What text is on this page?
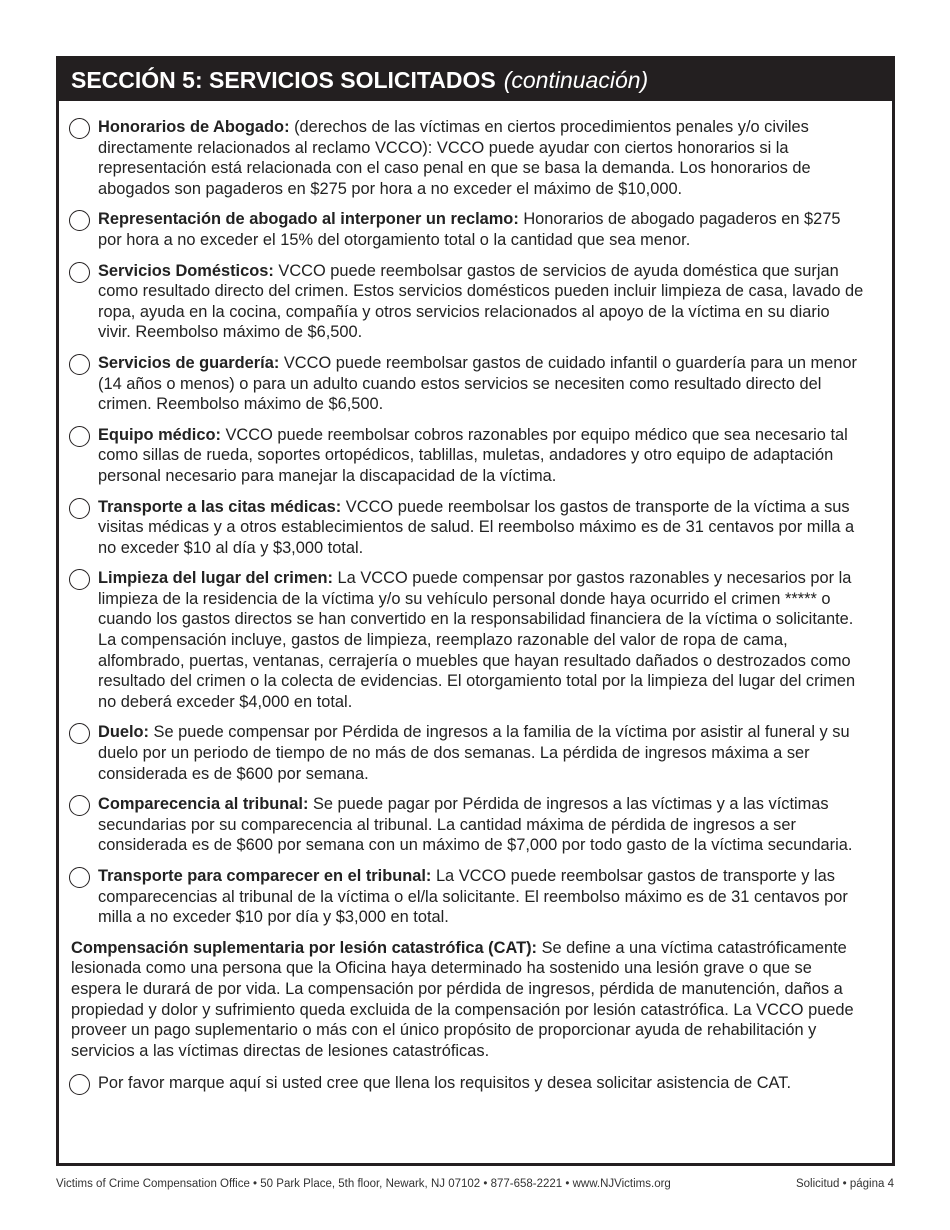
SECCIÓN 5: SERVICIOS SOLICITADOS (continuación)
Honorarios de Abogado: (derechos de las víctimas en ciertos procedimientos penales y/o civiles directamente relacionados al reclamo VCCO): VCCO puede ayudar con ciertos honorarios si la representación está relacionada con el caso penal en que se basa la demanda. Los honorarios de abogados son pagaderos en $275 por hora a no exceder el máximo de $10,000.
Representación de abogado al interponer un reclamo: Honorarios de abogado pagaderos en $275 por hora a no exceder el 15% del otorgamiento total o la cantidad que sea menor.
Servicios Domésticos: VCCO puede reembolsar gastos de servicios de ayuda doméstica que surjan como resultado directo del crimen. Estos servicios domésticos pueden incluir limpieza de casa, lavado de ropa, ayuda en la cocina, compañía y otros servicios relacionados al apoyo de la víctima en su diario vivir. Reembolso máximo de $6,500.
Servicios de guardería: VCCO puede reembolsar gastos de cuidado infantil o guardería para un menor (14 años o menos) o para un adulto cuando estos servicios se necesiten como resultado directo del crimen. Reembolso máximo de $6,500.
Equipo médico: VCCO puede reembolsar cobros razonables por equipo médico que sea necesario tal como sillas de rueda, soportes ortopédicos, tablillas, muletas, andadores y otro equipo de adaptación personal necesario para manejar la discapacidad de la víctima.
Transporte a las citas médicas: VCCO puede reembolsar los gastos de transporte de la víctima a sus visitas médicas y a otros establecimientos de salud. El reembolso máximo es de 31 centavos por milla a no exceder $10 al día y $3,000 total.
Limpieza del lugar del crimen: La VCCO puede compensar por gastos razonables y necesarios por la limpieza de la residencia de la víctima y/o su vehículo personal donde haya ocurrido el crimen ***** o cuando los gastos directos se han convertido en la responsabilidad financiera de la víctima o solicitante. La compensación incluye, gastos de limpieza, reemplazo razonable del valor de ropa de cama, alfombrado, puertas, ventanas, cerrajería o muebles que hayan resultado dañados o destrozados como resultado del crimen o la colecta de evidencias. El otorgamiento total por la limpieza del lugar del crimen no deberá exceder $4,000 en total.
Duelo: Se puede compensar por Pérdida de ingresos a la familia de la víctima por asistir al funeral y su duelo por un periodo de tiempo de no más de dos semanas. La pérdida de ingresos máxima a ser considerada es de $600 por semana.
Comparecencia al tribunal: Se puede pagar por Pérdida de ingresos a las víctimas y a las víctimas secundarias por su comparecencia al tribunal. La cantidad máxima de pérdida de ingresos a ser considerada es de $600 por semana con un máximo de $7,000 por todo gasto de la víctima secundaria.
Transporte para comparecer en el tribunal: La VCCO puede reembolsar gastos de transporte y las comparecencias al tribunal de la víctima o el/la solicitante. El reembolso máximo es de 31 centavos por milla a no exceder $10 por día y $3,000 en total.
Compensación suplementaria por lesión catastrófica (CAT): Se define a una víctima catastróficamente lesionada como una persona que la Oficina haya determinado ha sostenido una lesión grave o que se espera le durará de por vida. La compensación por pérdida de ingresos, pérdida de manutención, daños a propiedad y dolor y sufrimiento queda excluida de la compensación por lesión catastrófica. La VCCO puede proveer un pago suplementario o más con el único propósito de proporcionar ayuda de rehabilitación y servicios a las víctimas directas de lesiones catastróficas.
Por favor marque aquí si usted cree que llena los requisitos y desea solicitar asistencia de CAT.
Victims of Crime Compensation Office • 50 Park Place, 5th floor, Newark, NJ 07102 • 877-658-2221 • www.NJVictims.org	Solicitud • página 4
